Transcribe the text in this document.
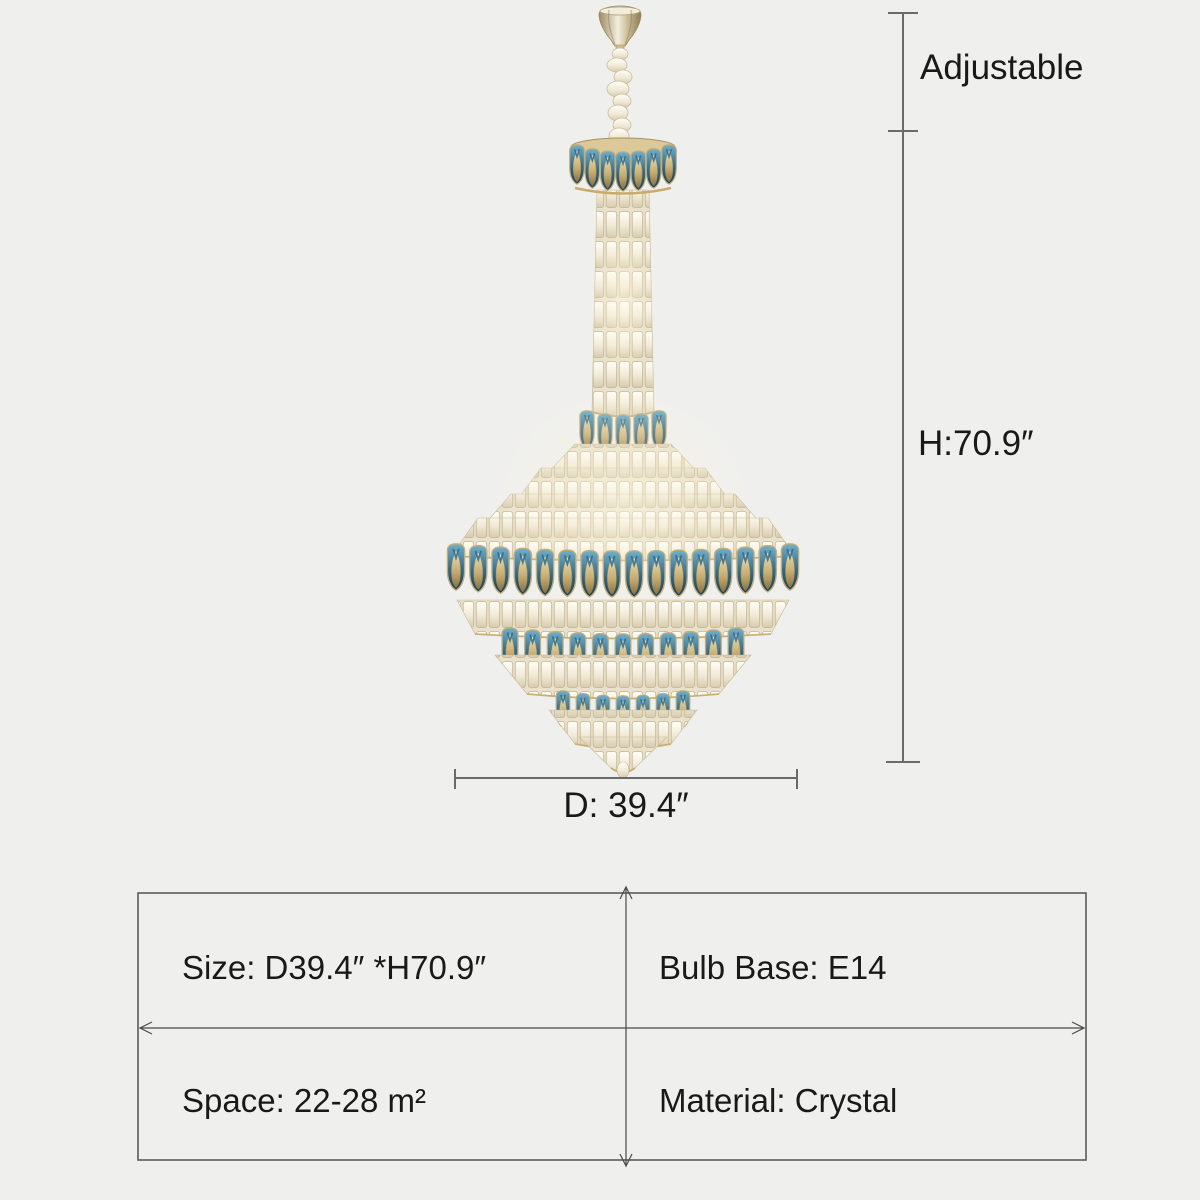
Adjustable
H:70.9″
D: 39.4″
Size: D39.4″ *H70.9″	Bulb Base: E14
Space: 22-28 m²	Material: Crystal
